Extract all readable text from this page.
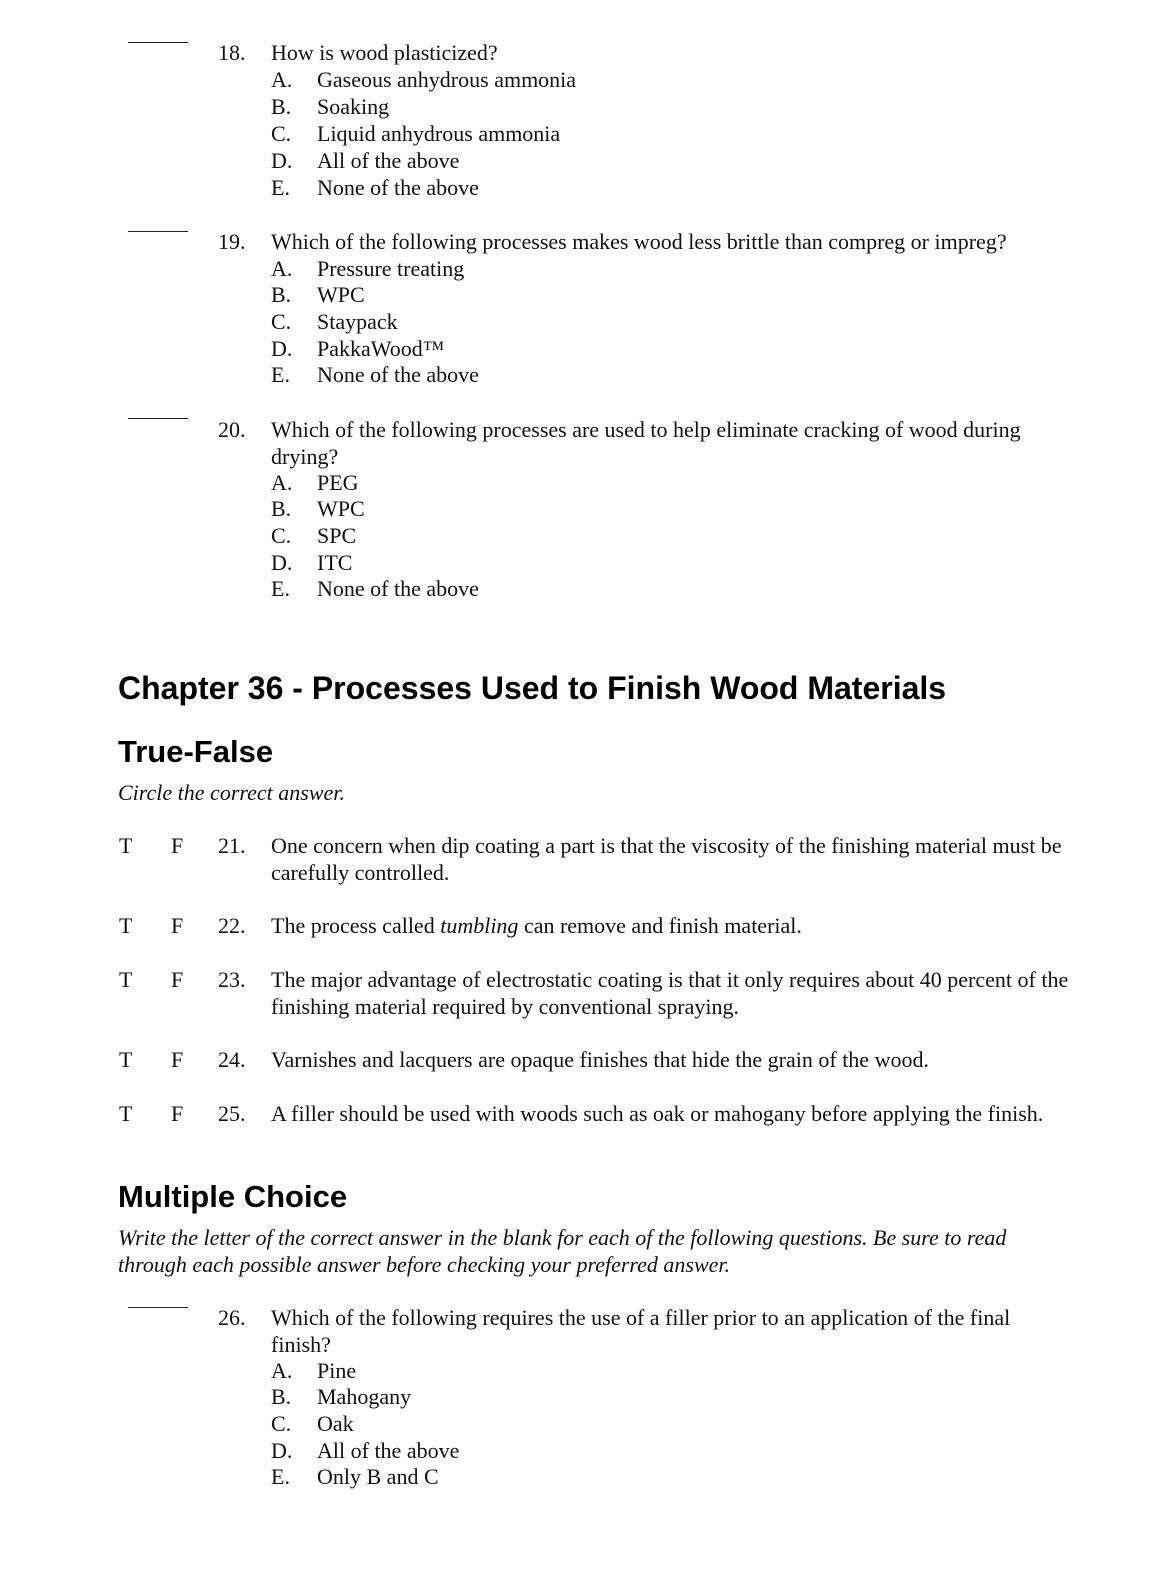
18. How is wood plasticized?
A. Gaseous anhydrous ammonia
B. Soaking
C. Liquid anhydrous ammonia
D. All of the above
E. None of the above
19. Which of the following processes makes wood less brittle than compreg or impreg?
A. Pressure treating
B. WPC
C. Staypack
D. PakkaWood™
E. None of the above
20. Which of the following processes are used to help eliminate cracking of wood during drying?
A. PEG
B. WPC
C. SPC
D. ITC
E. None of the above
Chapter 36 - Processes Used to Finish Wood Materials
True-False
Circle the correct answer.
T F 21. One concern when dip coating a part is that the viscosity of the finishing material must be carefully controlled.
T F 22. The process called tumbling can remove and finish material.
T F 23. The major advantage of electrostatic coating is that it only requires about 40 percent of the finishing material required by conventional spraying.
T F 24. Varnishes and lacquers are opaque finishes that hide the grain of the wood.
T F 25. A filler should be used with woods such as oak or mahogany before applying the finish.
Multiple Choice
Write the letter of the correct answer in the blank for each of the following questions. Be sure to read through each possible answer before checking your preferred answer.
26. Which of the following requires the use of a filler prior to an application of the final finish?
A. Pine
B. Mahogany
C. Oak
D. All of the above
E. Only B and C
